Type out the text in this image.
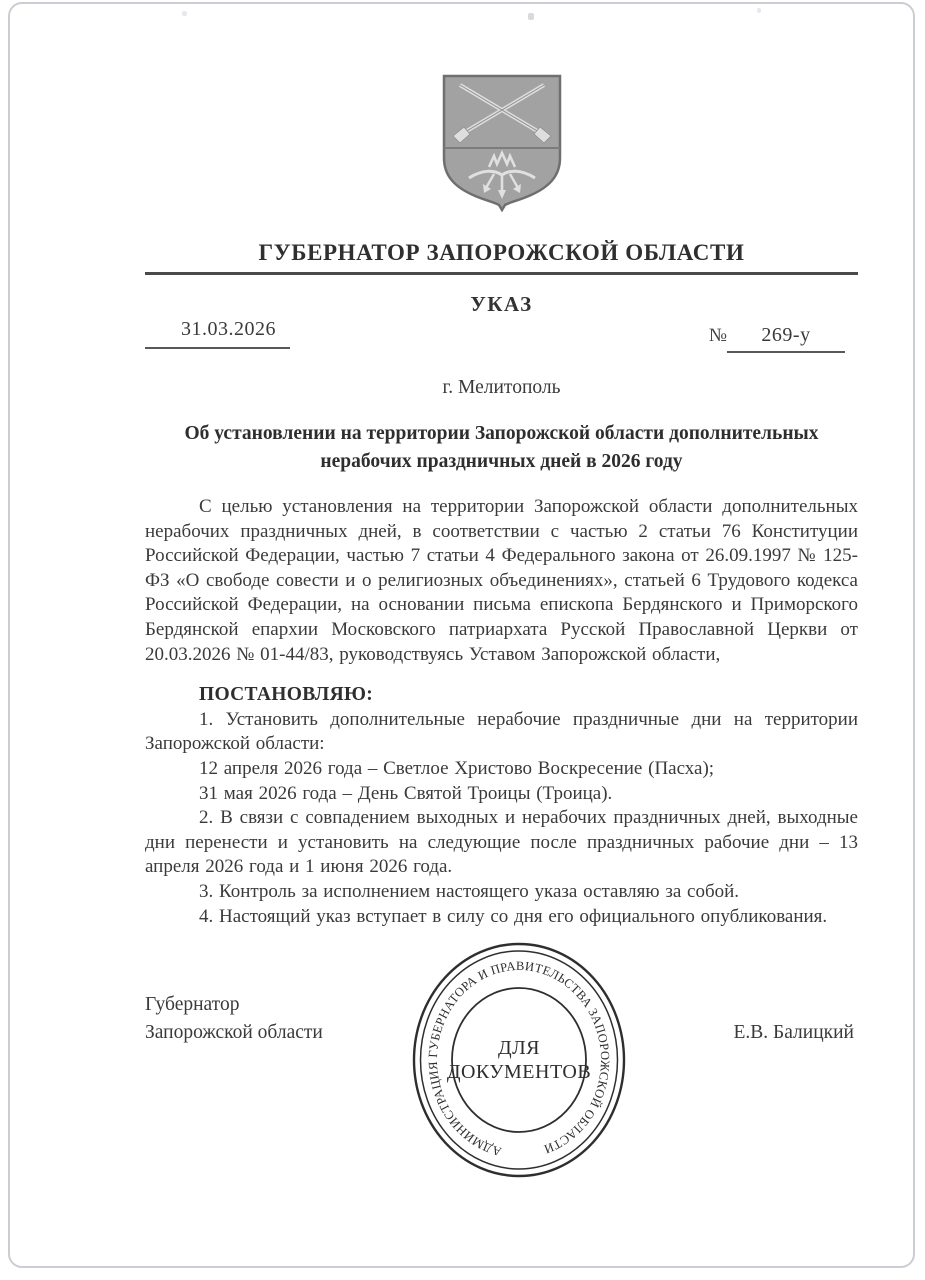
ГУБЕРНАТОР ЗАПОРОЖСКОЙ ОБЛАСТИ
УКАЗ
31.03.2026	№ 269-у
г. Мелитополь
Об установлении на территории Запорожской области дополнительных нерабочих праздничных дней в 2026 году

С целью установления на территории Запорожской области дополнительных нерабочих праздничных дней, в соответствии с частью 2 статьи 76 Конституции Российской Федерации, частью 7 статьи 4 Федерального закона от 26.09.1997 № 125-ФЗ «О свободе совести и о религиозных объединениях», статьей 6 Трудового кодекса Российской Федерации, на основании письма епископа Бердянского и Приморского Бердянской епархии Московского патриархата Русской Православной Церкви от 20.03.2026 № 01-44/83, руководствуясь Уставом Запорожской области,

ПОСТАНОВЛЯЮ:

1. Установить дополнительные нерабочие праздничные дни на территории Запорожской области:

12 апреля 2026 года – Светлое Христово Воскресение (Пасха);

31 мая 2026 года – День Святой Троицы (Троица).

2. В связи с совпадением выходных и нерабочих праздничных дней, выходные дни перенести и установить на следующие после праздничных рабочие дни – 13 апреля 2026 года и 1 июня 2026 года.

3. Контроль за исполнением настоящего указа оставляю за собой.

4. Настоящий указ вступает в силу со дня его официального опубликования.

Губернатор
Запорожской области	Е.В. Балицкий
АДМИНИСТРАЦИЯ ГУБЕРНАТОРА И ПРАВИТЕЛЬСТВА ЗАПОРОЖСКОЙ ОБЛАСТИ
ДЛЯ ДОКУМЕНТОВ
